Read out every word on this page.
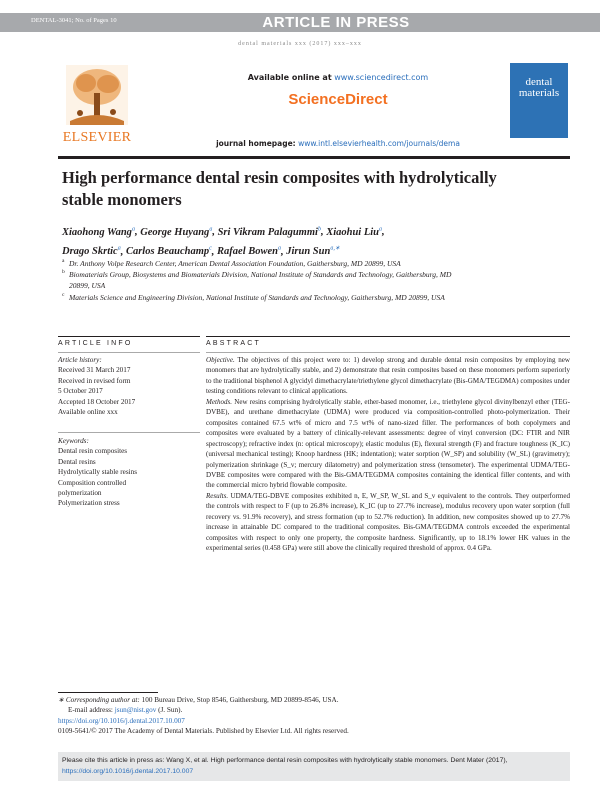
DENTAL-3041; No. of Pages 10	ARTICLE IN PRESS
dental materials xxx (2017) xxx–xxx
ELSEVIER
Available online at www.sciencedirect.com
ScienceDirect
journal homepage: www.intl.elsevierhealth.com/journals/dema
dental
materials
High performance dental resin composites with hydrolytically stable monomers
Xiaohong Wang$^a$, George Huyang$^a$, Sri Vikram Palagummi$^b$, Xiaohui Liu$^a$,
Drago Skrtic$^a$, Carlos Beauchamp$^c$, Rafael Bowen$^a$, Jirun Sun$^{a,∗}$
a Dr. Anthony Volpe Research Center, American Dental Association Foundation, Gaithersburg, MD 20899, USA
b Biomaterials Group, Biosystems and Biomaterials Division, National Institute of Standards and Technology, Gaithersburg, MD 20899, USA
c Materials Science and Engineering Division, National Institute of Standards and Technology, Gaithersburg, MD 20899, USA
ARTICLE INFO	ABSTRACT
Article history:
Received 31 March 2017
Received in revised form
5 October 2017
Accepted 18 October 2017
Available online xxx
Keywords:
Dental resin composites
Dental resins
Hydrolytically stable resins
Composition controlled
polymerization
Polymerization stress

Objective. The objectives of this project were to: 1) develop strong and durable dental resin composites by employing new monomers that are hydrolytically stable, and 2) demonstrate that resin composites based on these monomers perform superiorly to the traditional bisphenol A glycidyl dimethacrylate/triethylene glycol dimethacrylate (Bis-GMA/TEGDMA) composites under testing conditions relevant to clinical applications.

Methods. New resins comprising hydrolytically stable, ether-based monomer, i.e., triethylene glycol divinylbenzyl ether (TEG-DVBE), and urethane dimethacrylate (UDMA) were produced via composition-controlled photo-polymerization. Their composites contained 67.5 wt% of micro and 7.5 wt% of nano-sized filler. The performances of both copolymers and composites were evaluated by a battery of clinically-relevant assessments: degree of vinyl conversion (DC: FTIR and NIR spectroscopy); refractive index (n: optical microscopy); elastic modulus (E), flexural strength (F) and fracture toughness (K_IC) (universal mechanical testing); Knoop hardness (HK; indentation); water sorption (W_SP) and solubility (W_SL) (gravimetry); polymerization shrinkage (S_v; mercury dilatometry) and polymerization stress (tensometer). The experimental UDMA/TEG-DVBE composites were compared with the Bis-GMA/TEGDMA composites containing the identical filler contents, and with the commercial micro hybrid flowable composite.

Results. UDMA/TEG-DBVE composites exhibited n, E, W_SP, W_SL and S_v equivalent to the controls. They outperformed the controls with respect to F (up to 26.8% increase), K_IC (up to 27.7% increase), modulus recovery upon water sorption (full recovery vs. 91.9% recovery), and stress formation (up to 52.7% reduction). In addition, new composites showed up to 27.7% increase in attainable DC compared to the traditional composites. Bis-GMA/TEGDMA controls exceeded the experimental composites with respect to only one property, the composite hardness. Significantly, up to 18.1% lower HK values in the experimental series (0.458 GPa) were still above the clinically required threshold of approx. 0.4 GPa.

∗ Corresponding author at: 100 Bureau Drive, Stop 8546, Gaithersburg, MD 20899-8546, USA.
E-mail address: jsun@nist.gov (J. Sun).
https://doi.org/10.1016/j.dental.2017.10.007
0109-5641/© 2017 The Academy of Dental Materials. Published by Elsevier Ltd. All rights reserved.
Please cite this article in press as: Wang X, et al. High performance dental resin composites with hydrolytically stable monomers. Dent Mater (2017), https://doi.org/10.1016/j.dental.2017.10.007
